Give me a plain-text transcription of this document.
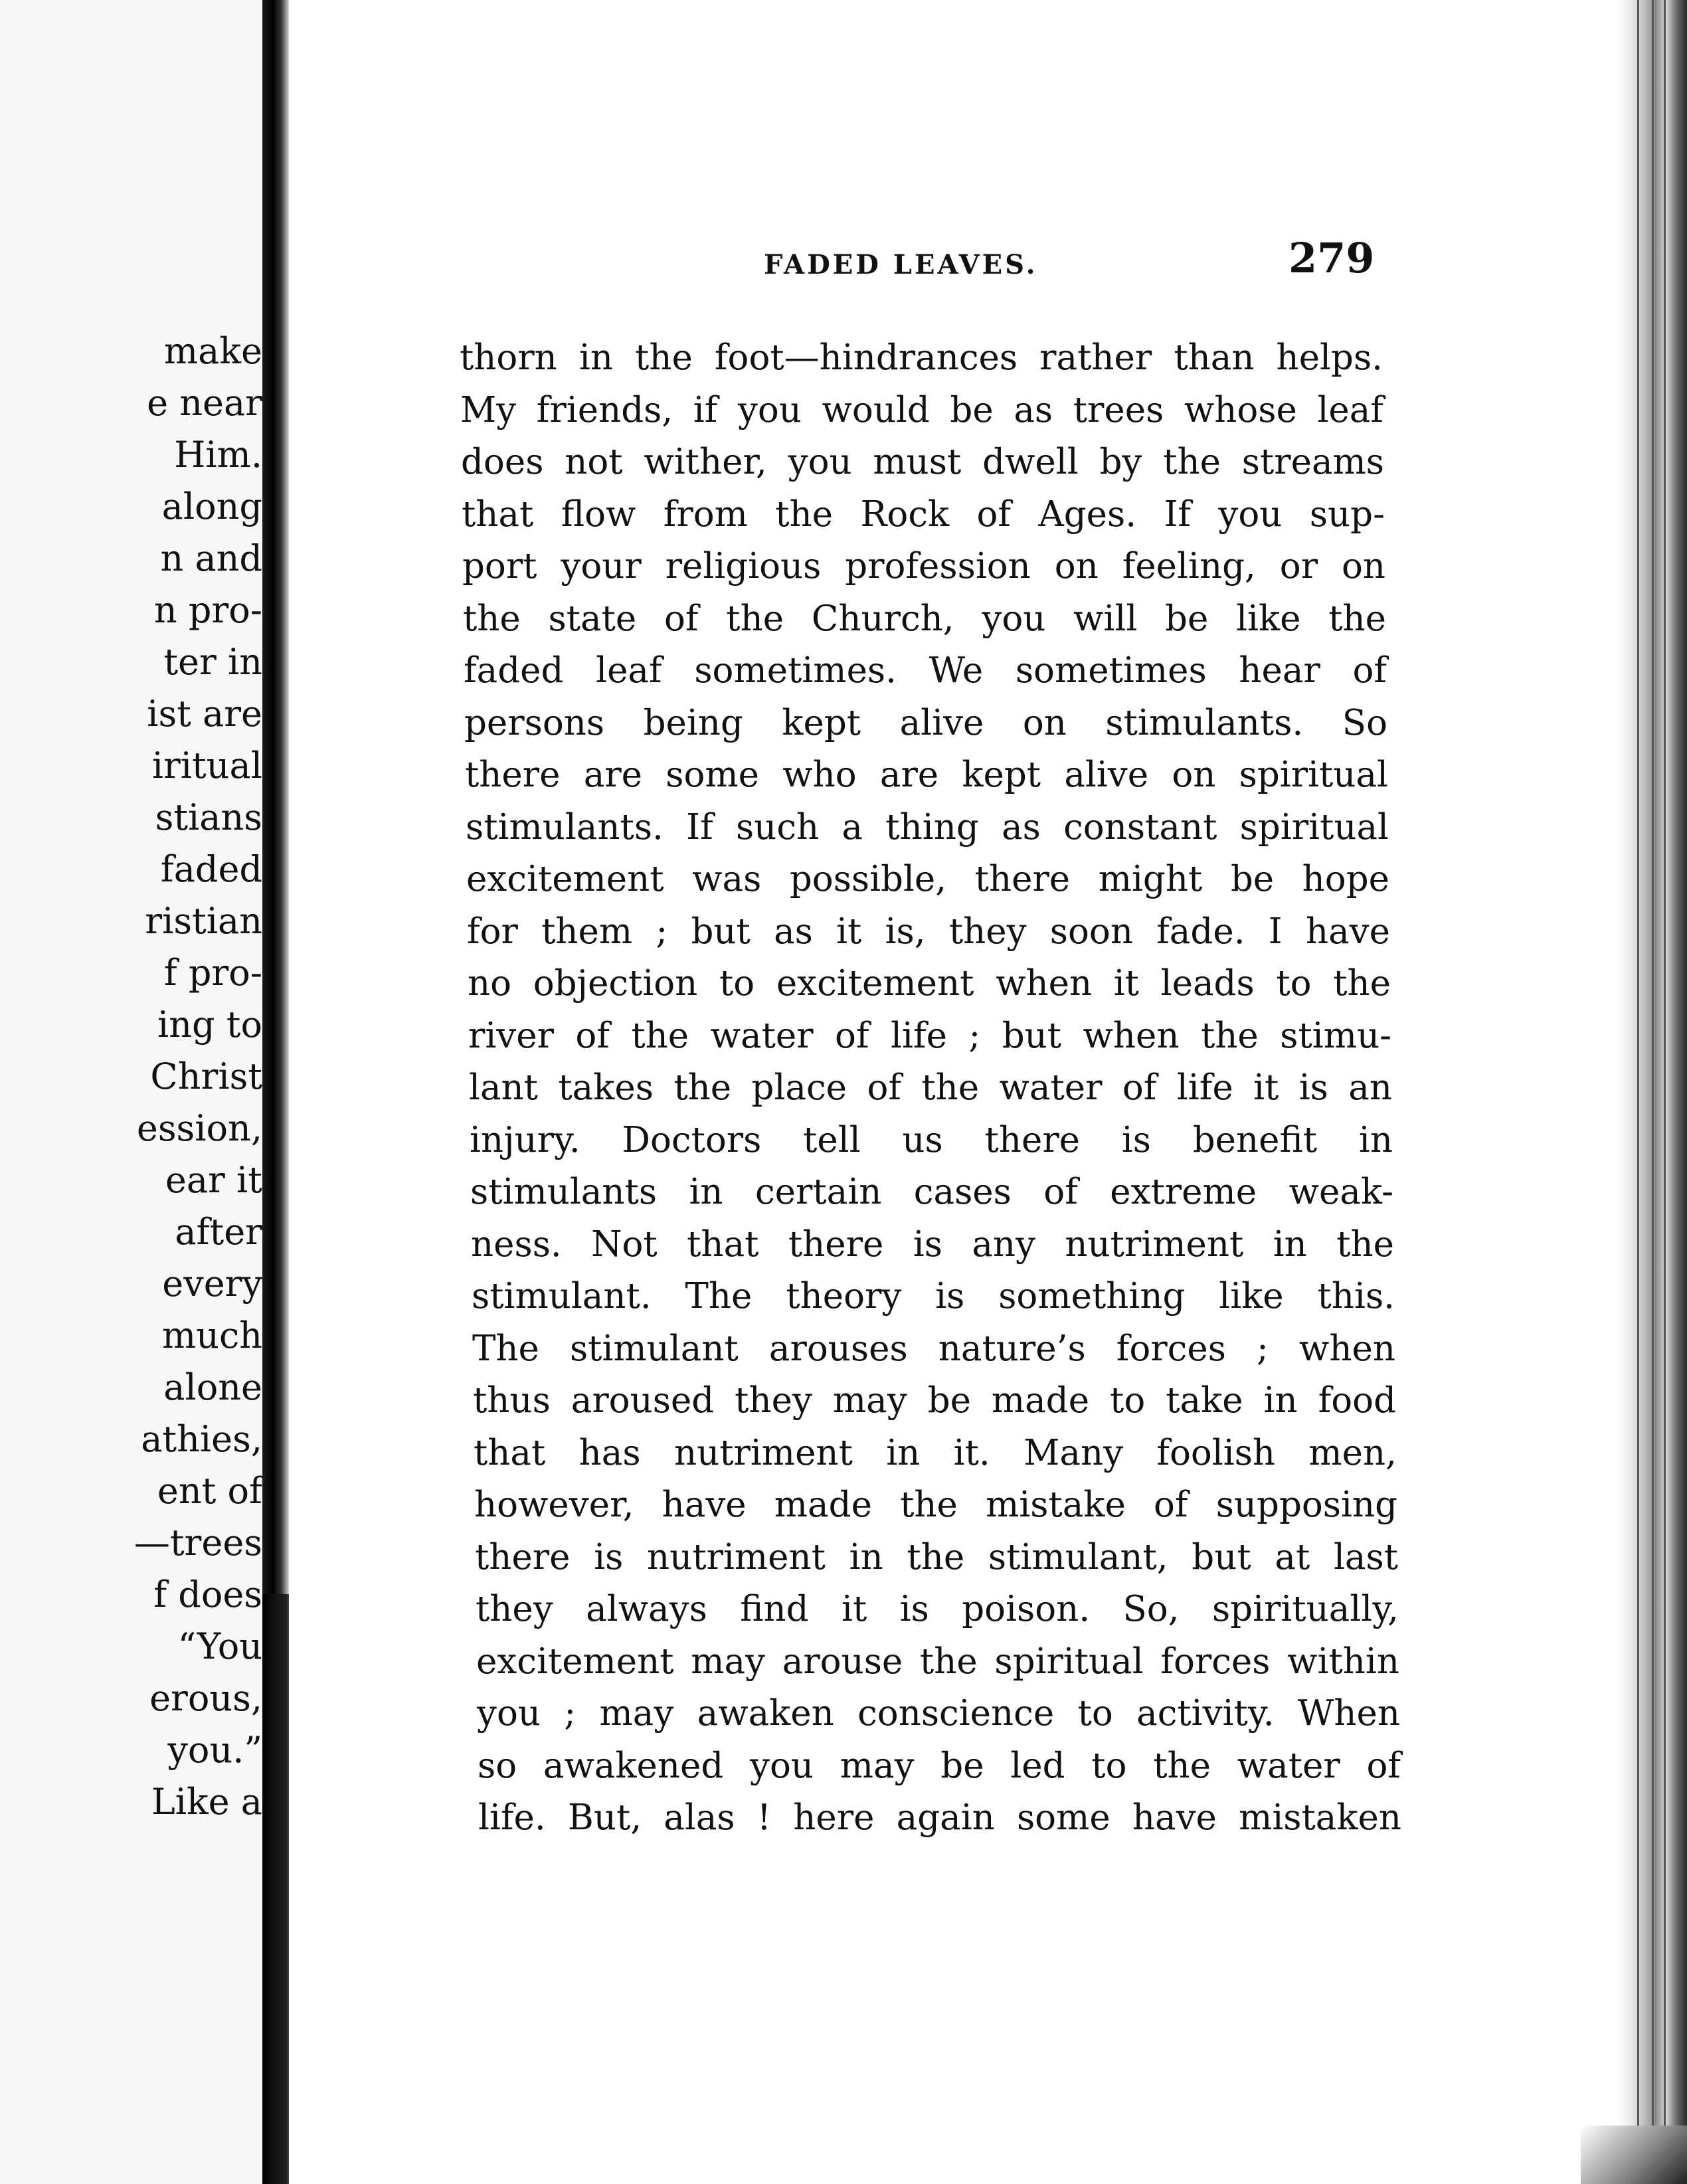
make
e near
Him.
along
n and
n pro-
ter in
ist are
iritual
stians
faded
ristian
f pro-
ing to
Christ
ession,
ear it
after
every
much
alone
athies,
ent of
—trees
f does
“You
erous,
you.”
Like a
FADED LEAVES.	279
thorn in the foot—hindrances rather than helps.
My friends, if you would be as trees whose leaf
does not wither, you must dwell by the streams
that flow from the Rock of Ages. If you sup-
port your religious profession on feeling, or on
the state of the Church, you will be like the
faded leaf sometimes. We sometimes hear of
persons being kept alive on stimulants. So
there are some who are kept alive on spiritual
stimulants. If such a thing as constant spiritual
excitement was possible, there might be hope
for them ; but as it is, they soon fade. I have
no objection to excitement when it leads to the
river of the water of life ; but when the stimu-
lant takes the place of the water of life it is an
injury. Doctors tell us there is benefit in
stimulants in certain cases of extreme weak-
ness. Not that there is any nutriment in the
stimulant. The theory is something like this.
The stimulant arouses nature’s forces ; when
thus aroused they may be made to take in food
that has nutriment in it. Many foolish men,
however, have made the mistake of supposing
there is nutriment in the stimulant, but at last
they always find it is poison. So, spiritually,
excitement may arouse the spiritual forces within
you ; may awaken conscience to activity. When
so awakened you may be led to the water of
life. But, alas ! here again some have mistaken
